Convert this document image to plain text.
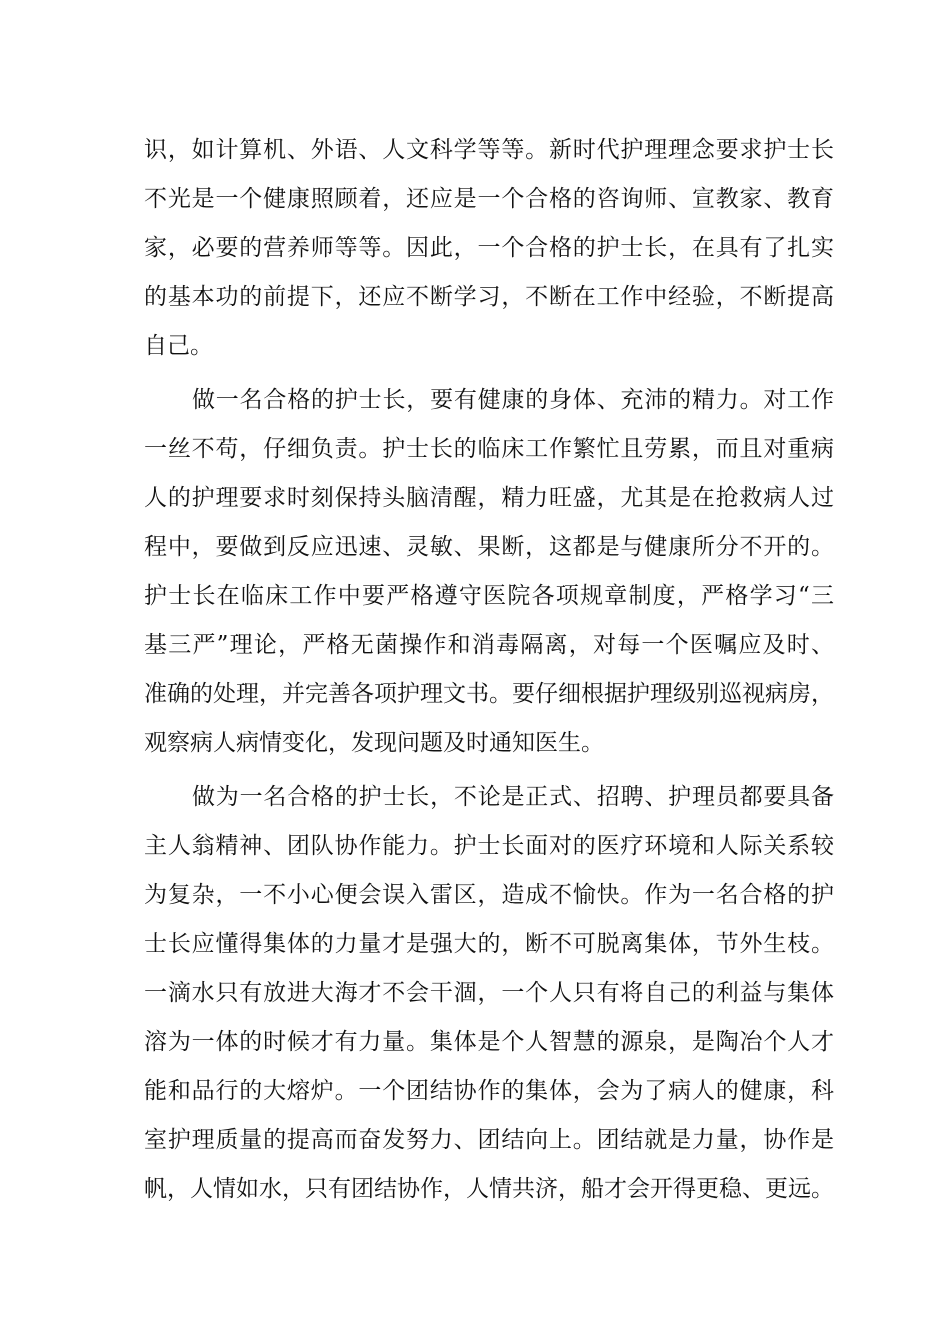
识，如计算机、外语、人文科学等等。新时代护理理念要求护士长
不光是一个健康照顾着，还应是一个合格的咨询师、宣教家、教育
家，必要的营养师等等。因此，一个合格的护士长，在具有了扎实
的基本功的前提下，还应不断学习，不断在工作中经验，不断提高
自己。
做一名合格的护士长，要有健康的身体、充沛的精力。对工作
一丝不苟，仔细负责。护士长的临床工作繁忙且劳累，而且对重病
人的护理要求时刻保持头脑清醒，精力旺盛，尤其是在抢救病人过
程中，要做到反应迅速、灵敏、果断，这都是与健康所分不开的。
护士长在临床工作中要严格遵守医院各项规章制度，严格学习“三
基三严”理论，严格无菌操作和消毒隔离，对每一个医嘱应及时、
准确的处理，并完善各项护理文书。要仔细根据护理级别巡视病房，
观察病人病情变化，发现问题及时通知医生。
做为一名合格的护士长，不论是正式、招聘、护理员都要具备
主人翁精神、团队协作能力。护士长面对的医疗环境和人际关系较
为复杂，一不小心便会误入雷区，造成不愉快。作为一名合格的护
士长应懂得集体的力量才是强大的，断不可脱离集体，节外生枝。
一滴水只有放进大海才不会干涸，一个人只有将自己的利益与集体
溶为一体的时候才有力量。集体是个人智慧的源泉，是陶冶个人才
能和品行的大熔炉。一个团结协作的集体，会为了病人的健康，科
室护理质量的提高而奋发努力、团结向上。团结就是力量，协作是
帆，人情如水，只有团结协作，人情共济，船才会开得更稳、更远。
